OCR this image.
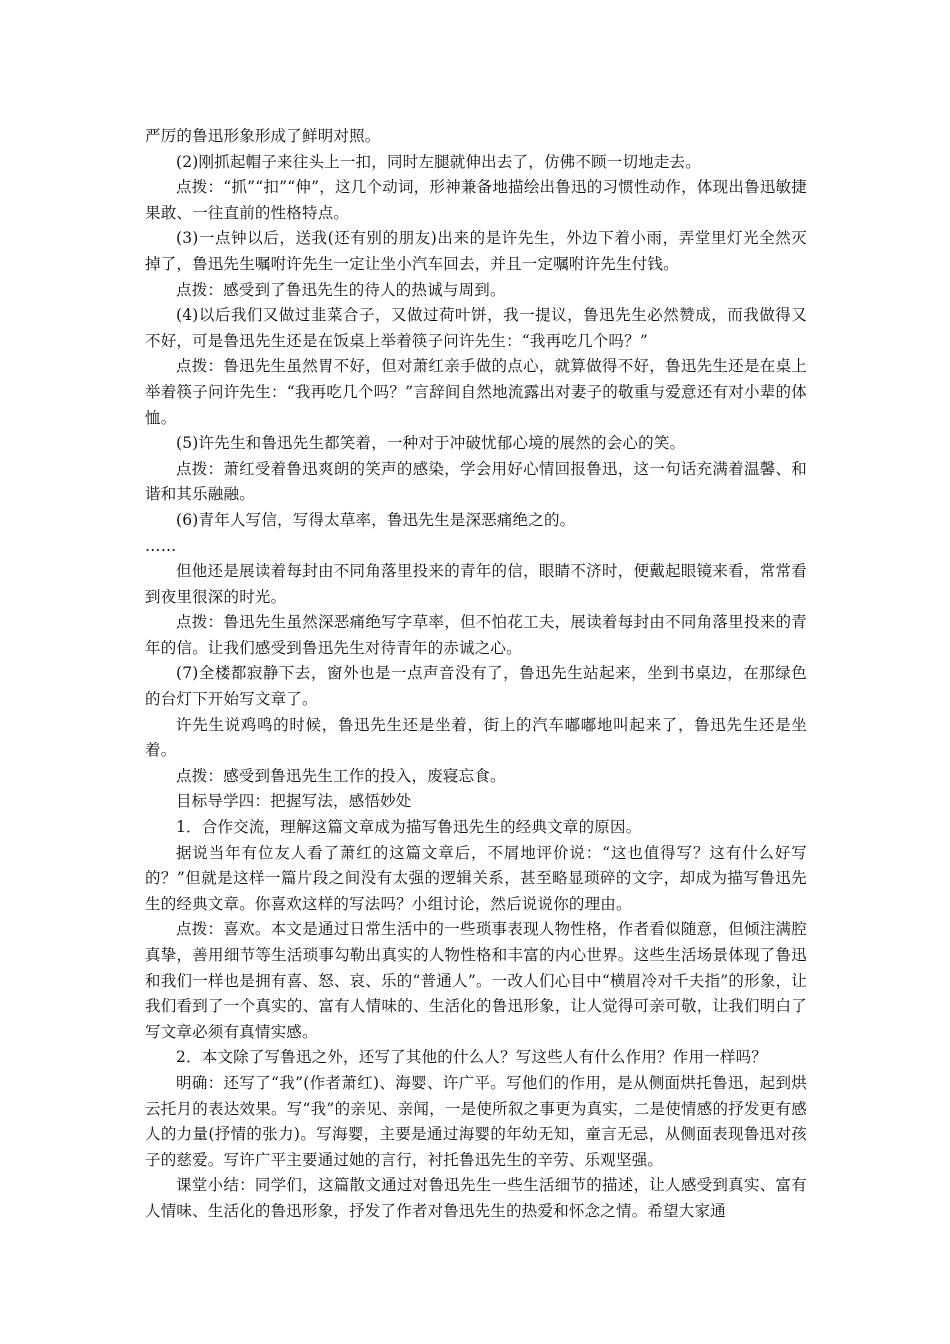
严厉的鲁迅形象形成了鲜明对照。

(2)刚抓起帽子来往头上一扣，同时左腿就伸出去了，仿佛不顾一切地走去。

点拨：“抓”“扣”“伸”，这几个动词，形神兼备地描绘出鲁迅的习惯性动作，体现出鲁迅敏捷果敢、一往直前的性格特点。

(3)一点钟以后，送我(还有别的朋友)出来的是许先生，外边下着小雨，弄堂里灯光全然灭掉了，鲁迅先生嘱咐许先生一定让坐小汽车回去，并且一定嘱咐许先生付钱。

点拨：感受到了鲁迅先生的待人的热诚与周到。

(4)以后我们又做过韭菜合子，又做过荷叶饼，我一提议，鲁迅先生必然赞成，而我做得又不好，可是鲁迅先生还是在饭桌上举着筷子问许先生：“我再吃几个吗？”

点拨：鲁迅先生虽然胃不好，但对萧红亲手做的点心，就算做得不好，鲁迅先生还是在桌上举着筷子问许先生：“我再吃几个吗？”言辞间自然地流露出对妻子的敬重与爱意还有对小辈的体恤。

(5)许先生和鲁迅先生都笑着，一种对于冲破忧郁心境的展然的会心的笑。

点拨：萧红受着鲁迅爽朗的笑声的感染，学会用好心情回报鲁迅，这一句话充满着温馨、和谐和其乐融融。

(6)青年人写信，写得太草率，鲁迅先生是深恶痛绝之的。

……

但他还是展读着每封由不同角落里投来的青年的信，眼睛不济时，便戴起眼镜来看，常常看到夜里很深的时光。

点拨：鲁迅先生虽然深恶痛绝写字草率，但不怕花工夫，展读着每封由不同角落里投来的青年的信。让我们感受到鲁迅先生对待青年的赤诚之心。

(7)全楼都寂静下去，窗外也是一点声音没有了，鲁迅先生站起来，坐到书桌边，在那绿色的台灯下开始写文章了。

许先生说鸡鸣的时候，鲁迅先生还是坐着，街上的汽车嘟嘟地叫起来了，鲁迅先生还是坐着。

点拨：感受到鲁迅先生工作的投入，废寝忘食。

目标导学四：把握写法，感悟妙处

1．合作交流，理解这篇文章成为描写鲁迅先生的经典文章的原因。

据说当年有位友人看了萧红的这篇文章后，不屑地评价说：“这也值得写？这有什么好写的？”但就是这样一篇片段之间没有太强的逻辑关系，甚至略显琐碎的文字，却成为描写鲁迅先生的经典文章。你喜欢这样的写法吗？小组讨论，然后说说你的理由。

点拨：喜欢。本文是通过日常生活中的一些琐事表现人物性格，作者看似随意，但倾注满腔真挚，善用细节等生活琐事勾勒出真实的人物性格和丰富的内心世界。这些生活场景体现了鲁迅和我们一样也是拥有喜、怒、哀、乐的“普通人”。一改人们心目中“横眉冷对千夫指”的形象，让我们看到了一个真实的、富有人情味的、生活化的鲁迅形象，让人觉得可亲可敬，让我们明白了写文章必须有真情实感。

2．本文除了写鲁迅之外，还写了其他的什么人？写这些人有什么作用？作用一样吗？

明确：还写了“我”(作者萧红)、海婴、许广平。写他们的作用，是从侧面烘托鲁迅，起到烘云托月的表达效果。写“我”的亲见、亲闻，一是使所叙之事更为真实，二是使情感的抒发更有感人的力量(抒情的张力)。写海婴，主要是通过海婴的年幼无知，童言无忌，从侧面表现鲁迅对孩子的慈爱。写许广平主要通过她的言行，衬托鲁迅先生的辛劳、乐观坚强。

课堂小结：同学们，这篇散文通过对鲁迅先生一些生活细节的描述，让人感受到真实、富有人情味、生活化的鲁迅形象，抒发了作者对鲁迅先生的热爱和怀念之情。希望大家通
